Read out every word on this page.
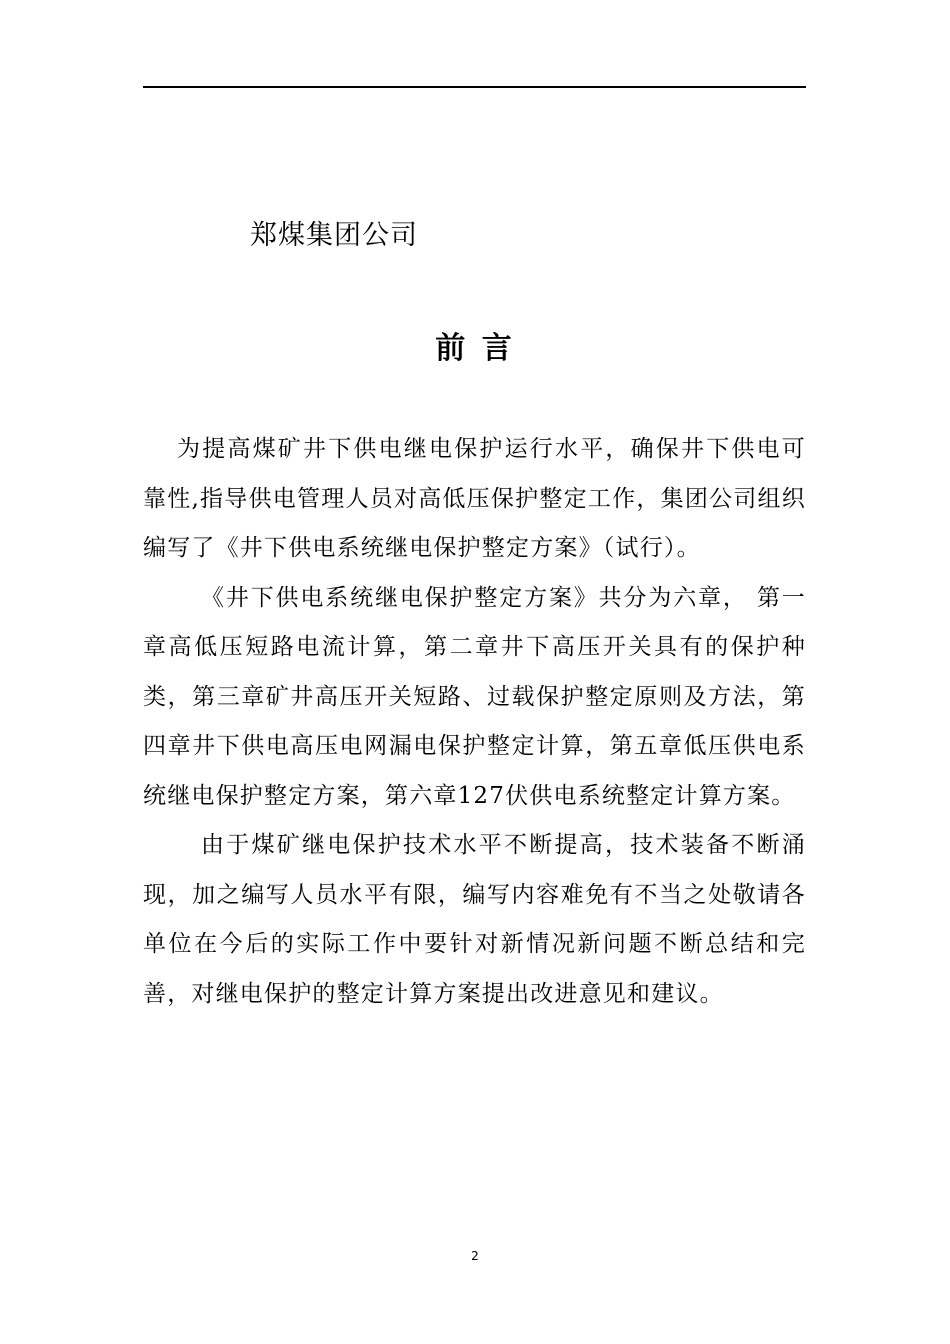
郑煤集团公司
前 言

为提高煤矿井下供电继电保护运行水平，确保井下供电可靠性,指导供电管理人员对高低压保护整定工作，集团公司组织编写了《井下供电系统继电保护整定方案》（试行）。

《井下供电系统继电保护整定方案》共分为六章， 第一章高低压短路电流计算，第二章井下高压开关具有的保护种类，第三章矿井高压开关短路、过载保护整定原则及方法，第四章井下供电高压电网漏电保护整定计算，第五章低压供电系统继电保护整定方案，第六章127伏供电系统整定计算方案。

由于煤矿继电保护技术水平不断提高，技术装备不断涌现，加之编写人员水平有限，编写内容难免有不当之处敬请各单位在今后的实际工作中要针对新情况新问题不断总结和完善，对继电保护的整定计算方案提出改进意见和建议。

2
